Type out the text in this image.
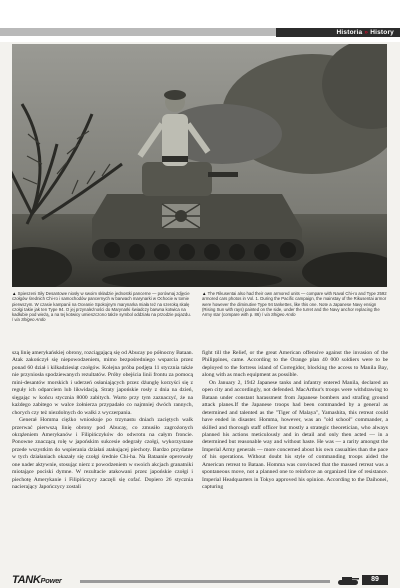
Historia » History
▲ Spieszeni Siły Desantowe niosły w swoim składzie jednostki pancerne — porównaj zdjęcie czołgów średnich Chi-ro i samochodów pancernych w barwach marynarki w Ochocie w tomie pierwszym. W czasie kampanii na Oceanie Spokojnym marynarka miała też na szeroką skalę czołgi takie jak ten Type 94. O jej przynależności do Marynarki świadczy barwna kotwica na kadłubie pod wieżą, a na tej kotwicy umieszczono także symbol oddziału na przodzie pojazdu. / via Shigeo Ando
▲ The Rikusentai also had their own armored units — compare with Naval Chi-ro and Type 2592 armored cars photos in Vol. 1. During the Pacific campaign, the mainstay of the Rikusentai armor were however the diminutive Type 94 tankettes, like this one. Note a Japanese Navy ensign (Rising Sun with rays) painted on the side, under the turret and the Navy anchor replacing the Army star (compare with p. 86) / via Shigeo Ando

szą linię amerykańskiej obrony, rozciągającą się od Abucay po północny Bataan. Atak zakończył się niepowodzeniem, mimo bezpośredniego wsparcia przez ponad 60 dział i kilkadziesiąt czołgów. Kolejna próba podjęta 11 stycznia także nie przyniosła spodziewanych rezultatów. Próby obejścia linii frontu za pomocą mini-desantów morskich i uderzeń osłaniających przez dżunglę korzyści się z reguły ich odparciem lub likwidacją. Straty japońskie rosły z dnia na dzień, sięgając w końcu stycznia 8000 zabitych. Warto przy tym zaznaczyć, że na każdego zabitego w walce żołnierza przypadało co najmniej dwóch rannych, chorych czy też niezdolnych do walki z wyczerpania.

Generał Homma ciężko wnioskuje po trzynastu dniach zaciętych walk przerwać pierwszą linię obrony pod Abucay, co zmusiło zagrożonych okrążeniem Amerykanów i Filipińczyków do odwrotu na całym froncie. Ponowne znaczącą rolę w japońskim sukcesie odegrały czołgi, wykorzystane przede wszystkim do wspierania działań atakującej piechoty. Bardzo przydatne w tych działaniach okazały się czołgi średnie Chi-ha. Na Bataanie operowały one nader aktywnie, stosując nierz z powodzeniem w swoich akcjach granatniki miotające pociski dymne. W rezultacie atakowani przez japońskie czołgi i piechotę Amerykanie i Filipińczycy zaczęli się cofać. Dopiero 26 stycznia nacierający Japończycy zostali

fight till the Relief, or the great American offensive against the invasion of the Philippines, came. According to the Orange plan 40 000 soldiers were to be deployed to the fortress island of Corregidor, blocking the access to Manila Bay, along with as much equipment as possible.

On January 2, 1942 Japanese tanks and infantry entered Manila, declared an open city and accordingly, not defended. MacArthur's troops were withdrawing to Bataan under constant harassment from Japanese bombers and strafing ground attack planes.If the Japanese troops had been commanded by a general as determined and talented as the "Tiger of Malaya", Yamashita, this retreat could have ended in disaster. Homma, however, was an "old school" commander, a skilled and thorough staff officer but mostly a strategic theoretician, who always planned his actions meticulously and in detail and only then acted — in a determined but reasonable way and without haste. He was — a rarity amongst the Imperial Army generals — more concerned about his own casualties than the pace of his operations. Without doubt his style of commanding troops aided the American retreat to Bataan. Homma was convinced that the massed retreat was a spontaneous move, not a planned one to reinforce an organized line of resistance. Imperial Headquarters in Tokyo approved his opinion. According to the Daihonei, capturing

TANKPower	89
